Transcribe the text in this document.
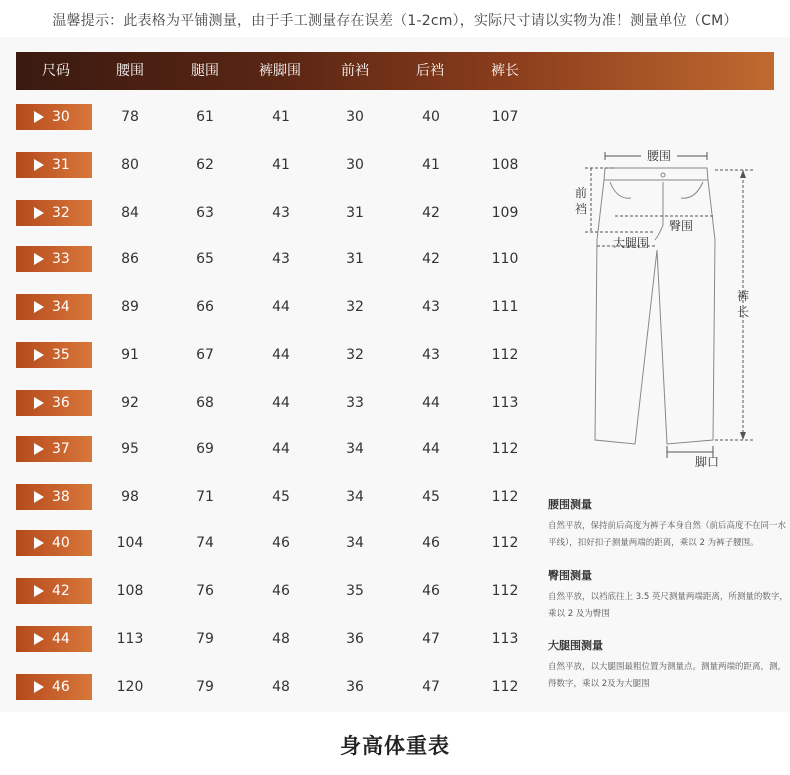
温馨提示：此表格为平铺测量，由于手工测量存在误差（1-2cm），实际尺寸请以实物为准！测量单位（CM）
尺码	腰围	腿围	裤脚围	前裆	后裆	裤长
30	78	61	41	30	40	107
31	80	62	41	30	41	108
32	84	63	43	31	42	109
33	86	65	43	31	42	110
34	89	66	44	32	43	111
35	91	67	44	32	43	112
36	92	68	44	33	44	113
37	95	69	44	34	44	112
38	98	71	45	34	45	112
40	104	74	46	34	46	112
42	108	76	46	35	46	112
44	113	79	48	36	47	113
46	120	79	48	36	47	112
腰围
前
裆
臀围
大腿围
裤
长
脚口
腰围测量
自然平放，保持前后高度为裤子本身自然（前后高度不在同一水平线），扣好扣子测量两端的距离，乘以 2 为裤子腰围。
臀围测量
自然平放，以裆底往上 3.5 英尺测量两端距离，所测量的数字，乘以 2 及为臀围
大腿围测量
自然平放，以大腿围最粗位置为测量点。测量两端的距离，测，得数字，乘以 2及为大腿围
身高体重表
